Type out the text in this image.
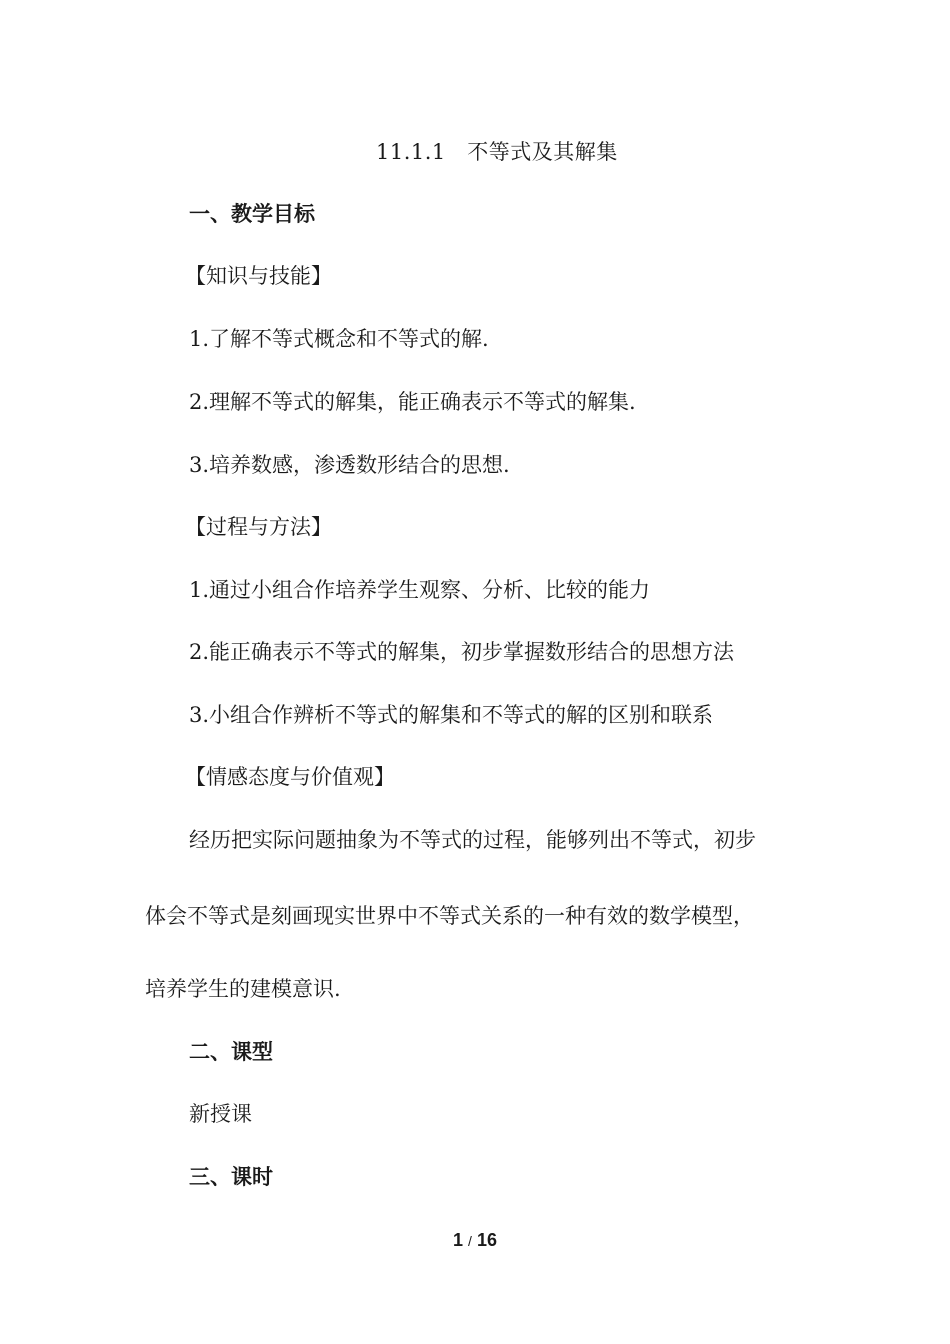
11.1.1　不等式及其解集
一、教学目标
【知识与技能】
1.了解不等式概念和不等式的解.
2.理解不等式的解集，能正确表示不等式的解集.
3.培养数感，渗透数形结合的思想.
【过程与方法】
1.通过小组合作培养学生观察、分析、比较的能力
2.能正确表示不等式的解集，初步掌握数形结合的思想方法
3.小组合作辨析不等式的解集和不等式的解的区别和联系
【情感态度与价值观】
经历把实际问题抽象为不等式的过程，能够列出不等式，初步
体会不等式是刻画现实世界中不等式关系的一种有效的数学模型，
培养学生的建模意识.
二、课型
新授课
三、课时
1 / 16
